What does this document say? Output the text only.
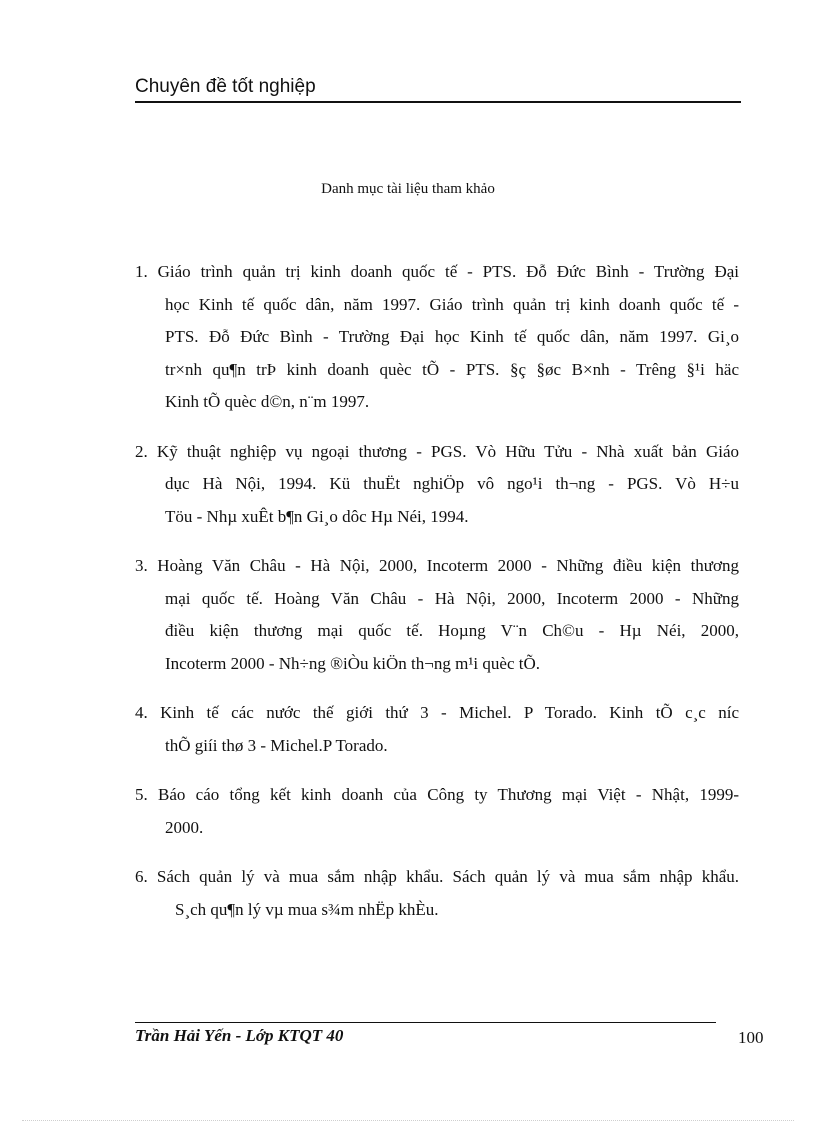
Chuyên đề tốt nghiệp
Danh mục tài liệu tham khảo
1. Giáo trình quản trị kinh doanh quốc tế - PTS. Đỗ Đức Bình - Trường Đại
học Kinh tế quốc dân, năm 1997. Giáo trình quản trị kinh doanh quốc tế -
PTS. Đỗ Đức Bình - Trường Đại học Kinh tế quốc dân, năm 1997. Gi¸o
tr×nh qu¶n trÞ kinh doanh quèc tÕ - PTS. §ç §øc B×nh - Trêng §¹i häc
Kinh tÕ quèc d©n, n¨m 1997.
2. Kỹ thuật nghiệp vụ ngoại thương - PGS. Vò Hữu Tửu - Nhà xuất bản Giáo
dục Hà Nội, 1994. Kü thuËt nghiÖp vô ngo¹i th¬ng - PGS. Vò H÷u
Töu - Nhµ xuÊt b¶n Gi¸o dôc Hµ Néi, 1994.
3. Hoàng Văn Châu - Hà Nội, 2000, Incoterm 2000 - Những điều kiện thương
mại quốc tế. Hoàng Văn Châu - Hà Nội, 2000, Incoterm 2000 - Những
điều kiện thương mại quốc tế. Hoµng V¨n Ch©u - Hµ Néi, 2000,
Incoterm 2000 - Nh÷ng ®iÒu kiÖn th¬ng m¹i quèc tÕ.
4. Kinh tế các nước thế giới thứ 3 - Michel. P Torado. Kinh tÕ c¸c níc
thÕ giíi thø 3 - Michel.P Torado.
5. Báo cáo tổng kết kinh doanh của Công ty Thương mại Việt - Nhật, 1999-
2000.
6. Sách quản lý và mua sắm nhập khẩu. Sách quản lý và mua sắm nhập khẩu.
S¸ch qu¶n lý vµ mua s¾m nhËp khÈu.
Trần Hải Yến - Lớp KTQT 40	100
